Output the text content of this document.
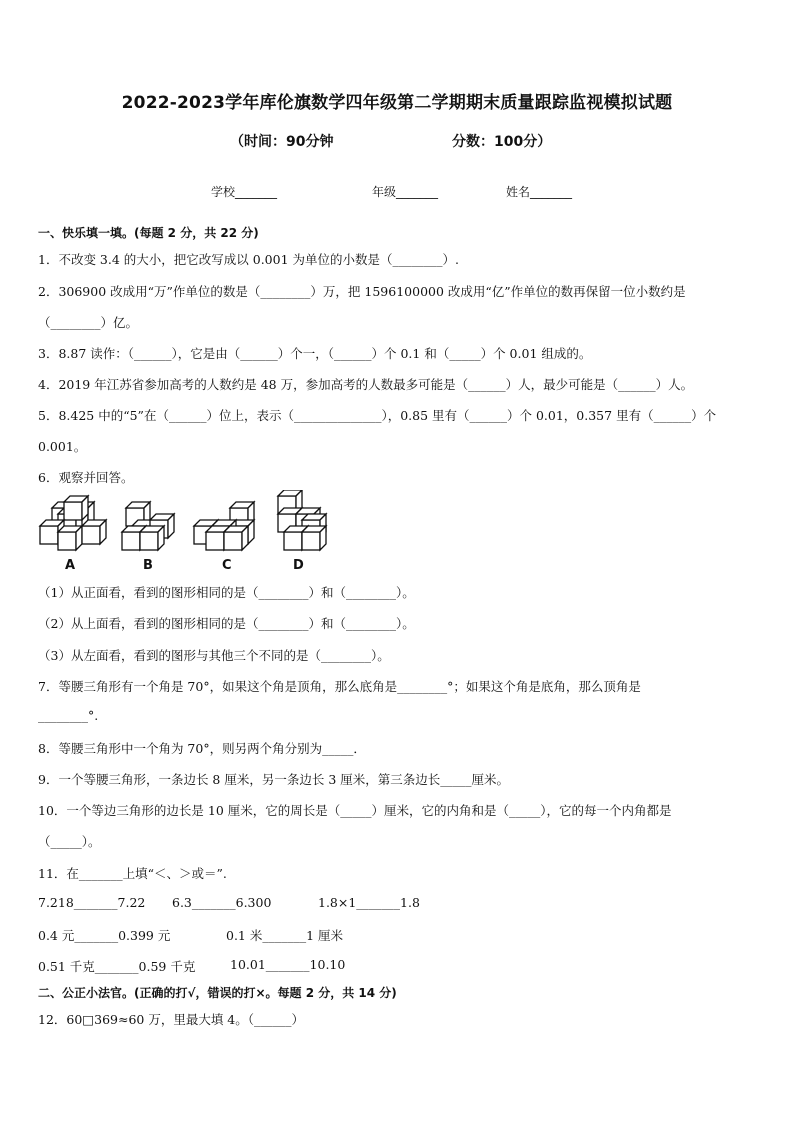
2022-2023学年库伦旗数学四年级第二学期期末质量跟踪监视模拟试题
（时间：90分钟	分数：100分）
学校_______	年级_______	姓名_______
一、快乐填一填。(每题 2 分，共 22 分)
1．不改变 3.4 的大小，把它改写成以 0.001 为单位的小数是（________）.
2．306900 改成用“万”作单位的数是（________）万，把 1596100000 改成用“亿”作单位的数再保留一位小数约是
（________）亿。
3．8.87 读作：（______），它是由（______）个一，（______）个 0.1 和（_____）个 0.01 组成的。
4．2019 年江苏省参加高考的人数约是 48 万，参加高考的人数最多可能是（______）人，最少可能是（______）人。
5．8.425 中的“5”在（______）位上，表示（______________），0.85 里有（______）个 0.01，0.357 里有（______）个
0.001。
6．观察并回答。
A	B	C	D
（1）从正面看，看到的图形相同的是（________）和（________）。
（2）从上面看，看到的图形相同的是（________）和（________）。
（3）从左面看，看到的图形与其他三个不同的是（________）。
7．等腰三角形有一个角是 70°，如果这个角是顶角，那么底角是________°；如果这个角是底角，那么顶角是
________°.
8．等腰三角形中一个角为 70°，则另两个角分别为_____．
9．一个等腰三角形，一条边长 8 厘米，另一条边长 3 厘米，第三条边长_____厘米。
10．一个等边三角形的边长是 10 厘米，它的周长是（_____）厘米，它的内角和是（_____），它的每一个内角都是
（_____）。
11．在_______上填“＜、＞或＝”.
7.218_______7.22 6.3_______6.300	1.8×1_______1.8
0.4 元_______0.399 元	0.1 米_______1 厘米
0.51 千克_______0.59 千克	10.01_______10.10
二、公正小法官。(正确的打√，错误的打×。每题 2 分，共 14 分)
12．60□369≈60 万，里最大填 4。（______）
